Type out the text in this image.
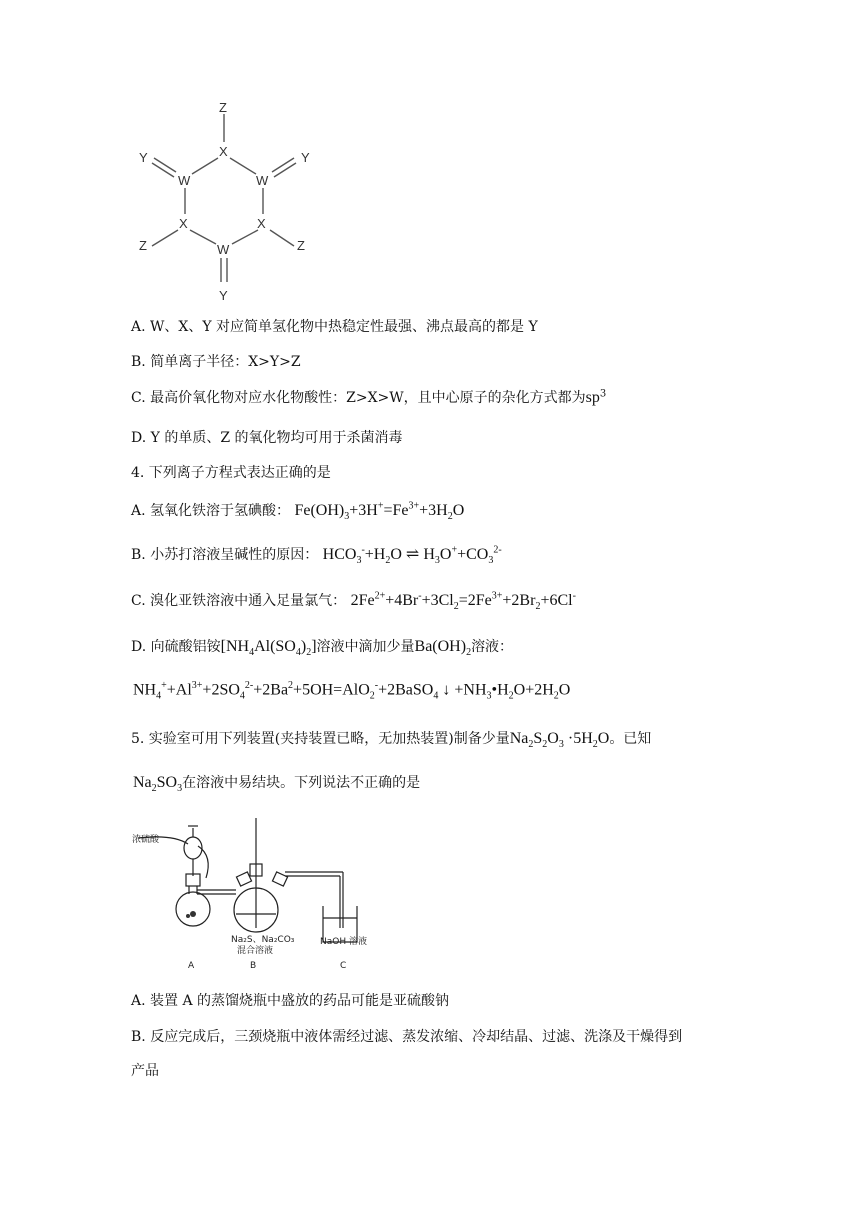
Z
X
Y	Y
W	W
X	X
Z	Z
W
Y
A. W、X、Y 对应简单氢化物中热稳定性最强、沸点最高的都是 Y
B. 简单离子半径：X>Y>Z
C. 最高价氧化物对应水化物酸性：Z>X>W，且中心原子的杂化方式都为$sp^3$
D. Y 的单质、Z 的氧化物均可用于杀菌消毒
4. 下列离子方程式表达正确的是
A. 氢氧化铁溶于氢碘酸： $Fe(OH)_3+3H^+=Fe^{3+}+3H_2O$
B. 小苏打溶液呈碱性的原因： $HCO_3^-+H_2O$ ⇌ $H_3O^++CO_3^{2-}$
C. 溴化亚铁溶液中通入足量氯气： $2Fe^{2+}+4Br^-+3Cl_2=2Fe^{3+}+2Br_2+6Cl^-$
D. 向硫酸铝铵$[NH_4Al(SO_4)_2]$溶液中滴加少量$Ba(OH)_2$溶液：
$NH_4^++Al^{3+}+2SO_4^{2-}+2Ba^2+5OH=AlO_2^-+2BaSO_4$ ↓ $+NH_3•H_2O+2H_2O$
5. 实验室可用下列装置(夹持装置已略，无加热装置)制备少量$Na_2S_2O_3 \cdot 5H_2O$。已知
$Na_2SO_3$在溶液中易结块。下列说法不正确的是
浓硫酸
Na₂S、Na₂CO₃
混合溶液
NaOH 溶液
A	B	C
A. 装置 A 的蒸馏烧瓶中盛放的药品可能是亚硫酸钠
B. 反应完成后，三颈烧瓶中液体需经过滤、蒸发浓缩、冷却结晶、过滤、洗涤及干燥得到
产品
